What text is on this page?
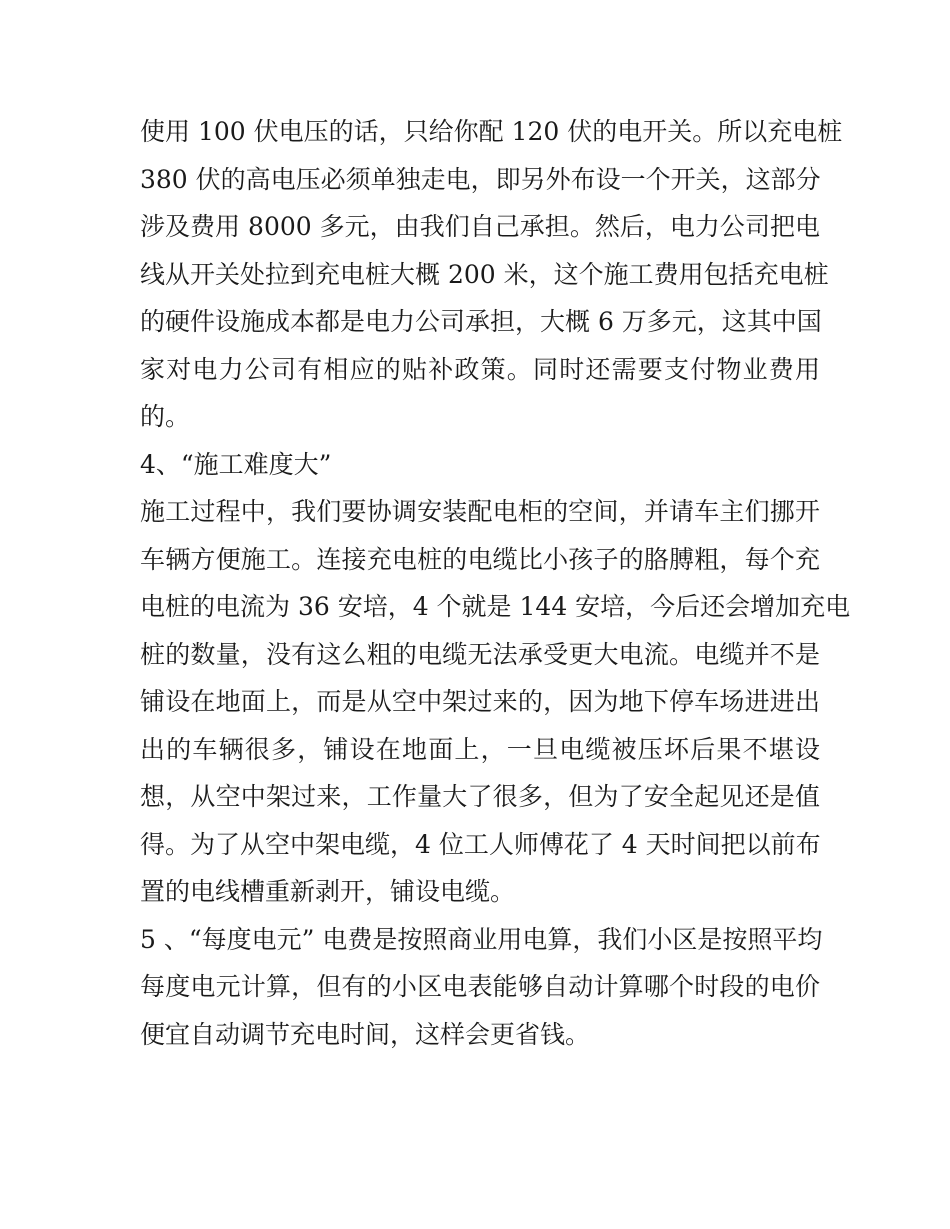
使用 100 伏电压的话，只给你配 120 伏的电开关。所以充电桩
380 伏的高电压必须单独走电，即另外布设一个开关，这部分
涉及费用 8000 多元，由我们自己承担。然后，电力公司把电
线从开关处拉到充电桩大概 200 米，这个施工费用包括充电桩
的硬件设施成本都是电力公司承担，大概 6 万多元，这其中国
家对电力公司有相应的贴补政策。同时还需要支付物业费用
的。
4、“施工难度大”
施工过程中，我们要协调安装配电柜的空间，并请车主们挪开
车辆方便施工。连接充电桩的电缆比小孩子的胳膊粗，每个充
电桩的电流为 36 安培，4 个就是 144 安培，今后还会增加充电
桩的数量，没有这么粗的电缆无法承受更大电流。电缆并不是
铺设在地面上，而是从空中架过来的，因为地下停车场进进出
出的车辆很多，铺设在地面上，一旦电缆被压坏后果不堪设
想，从空中架过来，工作量大了很多，但为了安全起见还是值
得。为了从空中架电缆，4 位工人师傅花了 4 天时间把以前布
置的电线槽重新剥开，铺设电缆。
5 、“每度电元” 电费是按照商业用电算，我们小区是按照平均
每度电元计算，但有的小区电表能够自动计算哪个时段的电价
便宜自动调节充电时间，这样会更省钱。
